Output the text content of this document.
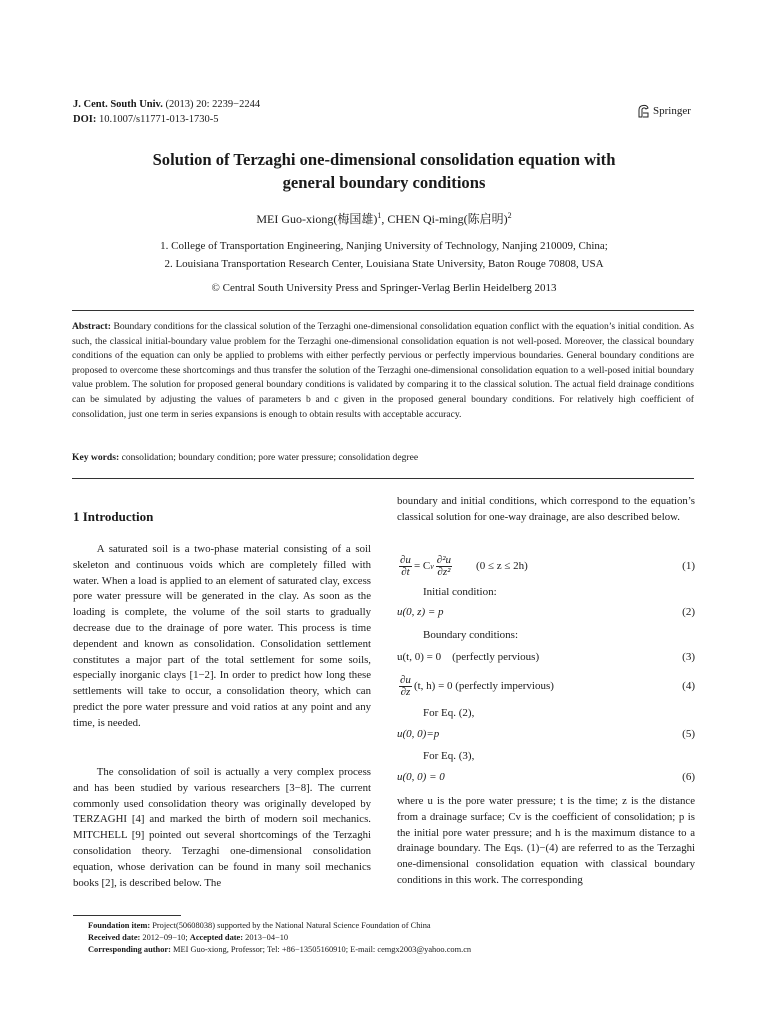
J. Cent. South Univ. (2013) 20: 2239−2244
DOI: 10.1007/s11771-013-1730-5
Springer
Solution of Terzaghi one-dimensional consolidation equation with
general boundary conditions
MEI Guo-xiong(梅国雄)$^1$, CHEN Qi-ming(陈启明)$^2$
1. College of Transportation Engineering, Nanjing University of Technology, Nanjing 210009, China;
2. Louisiana Transportation Research Center, Louisiana State University, Baton Rouge 70808, USA
© Central South University Press and Springer-Verlag Berlin Heidelberg 2013
Abstract: Boundary conditions for the classical solution of the Terzaghi one-dimensional consolidation equation conflict with the equation’s initial condition. As such, the classical initial-boundary value problem for the Terzaghi one-dimensional consolidation equation is not well-posed. Moreover, the classical boundary conditions of the equation can only be applied to problems with either perfectly pervious or perfectly impervious boundaries. General boundary conditions are proposed to overcome these shortcomings and thus transfer the solution of the Terzaghi one-dimensional consolidation equation to a well-posed initial boundary value problem. The solution for proposed general boundary conditions is validated by comparing it to the classical solution. The actual field drainage conditions can be simulated by adjusting the values of parameters b and c given in the proposed general boundary conditions. For relatively high coefficient of consolidation, just one term in series expansions is enough to obtain results with acceptable accuracy.
Key words: consolidation; boundary condition; pore water pressure; consolidation degree
1 Introduction
A saturated soil is a two-phase material consisting of a soil skeleton and continuous voids which are completely filled with water. When a load is applied to an element of saturated clay, excess pore water pressure will be generated in the clay. As soon as the loading is complete, the volume of the soil starts to gradually decrease due to the drainage of pore water. This process is time dependent and known as consolidation. Consolidation settlement constitutes a major part of the total settlement for some soils, especially inorganic clays [1−2]. In order to predict how long these settlements will take to occur, a consolidation theory, which can predict the pore water pressure and void ratios at any point and any time, is needed.
The consolidation of soil is actually a very complex process and has been studied by various researchers [3−8]. The current commonly used consolidation theory was originally developed by TERZAGHI [4] and marked the birth of modern soil mechanics. MITCHELL [9] pointed out several shortcomings of the Terzaghi consolidation theory. Terzaghi one-dimensional consolidation equation, whose derivation can be found in many soil mechanics books [2], is described below. The
boundary and initial conditions, which correspond to the equation’s classical solution for one-way drainage, are also described below.
$\frac{\partial u}{\partial t} = C$ v $\frac{\text{∂²u}}{\text{∂z²}} (0 \le z \le 2h)$	(1)
Initial condition:
u(0, z) = p	(2)
Boundary conditions:
u(t, 0) = 0    (perfectly pervious)	(3)
$\frac{\partial u}{\partial z} (t$, h) = 0 (perfectly impervious)	(4)
For Eq. (2),
u(0, 0)=p	(5)
For Eq. (3),
u(0, 0) = 0	(6)
where u is the pore water pressure; t is the time; z is the distance from a drainage surface; Cv is the coefficient of consolidation; p is the initial pore water pressure; and h is the maximum distance to a drainage boundary. The Eqs. (1)−(4) are referred to as the Terzaghi one-dimensional consolidation equation with classical boundary conditions in this work. The corresponding
Foundation item: Project(50608038) supported by the National Natural Science Foundation of China
Received date: 2012−09−10; Accepted date: 2013−04−10
Corresponding author: MEI Guo-xiong, Professor; Tel: +86−13505160910; E-mail: cemgx2003@yahoo.com.cn
